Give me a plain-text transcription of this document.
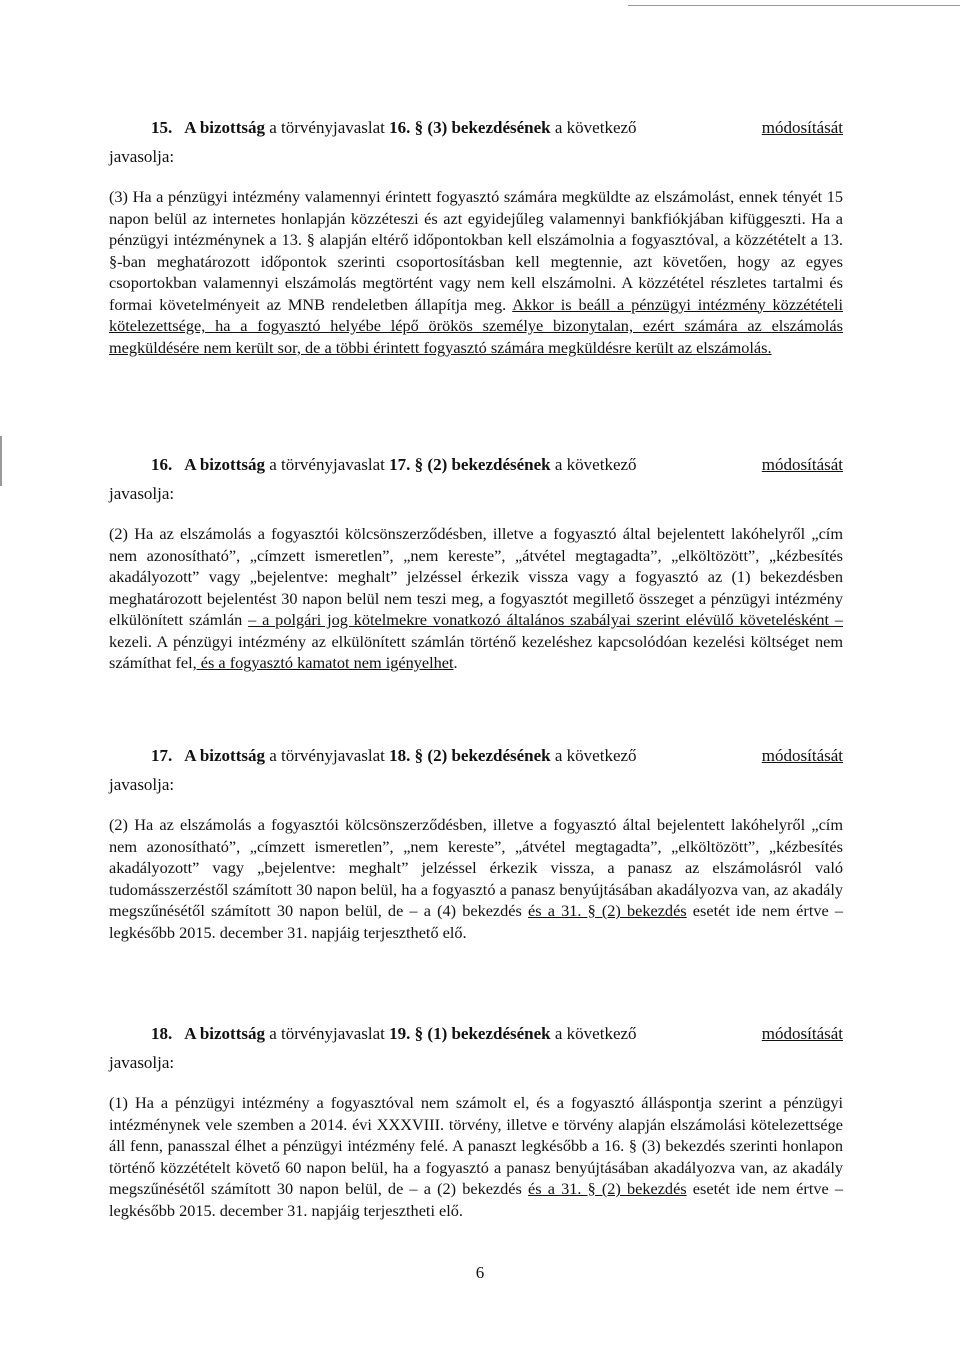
15. A bizottság a törvényjavaslat 16. § (3) bekezdésének a következő	módosítását
javasolja:

(3) Ha a pénzügyi intézmény valamennyi érintett fogyasztó számára megküldte az elszámolást, ennek tényét 15 napon belül az internetes honlapján közzéteszi és azt egyidejűleg valamennyi bankfiókjában kifüggeszti. Ha a pénzügyi intézménynek a 13. § alapján eltérő időpontokban kell elszámolnia a fogyasztóval, a közzétételt a 13. §-ban meghatározott időpontok szerinti csoportosításban kell megtennie, azt követően, hogy az egyes csoportokban valamennyi elszámolás megtörtént vagy nem kell elszámolni. A közzététel részletes tartalmi és formai követelményeit az MNB rendeletben állapítja meg. Akkor is beáll a pénzügyi intézmény közzétételi kötelezettsége, ha a fogyasztó helyébe lépő örökös személye bizonytalan, ezért számára az elszámolás megküldésére nem került sor, de a többi érintett fogyasztó számára megküldésre került az elszámolás.

16. A bizottság a törvényjavaslat 17. § (2) bekezdésének a következő	módosítását
javasolja:

(2) Ha az elszámolás a fogyasztói kölcsönszerződésben, illetve a fogyasztó által bejelentett lakóhelyről „cím nem azonosítható”, „címzett ismeretlen”, „nem kereste”, „átvétel megtagadta”, „elköltözött”, „kézbesítés akadályozott” vagy „bejelentve: meghalt” jelzéssel érkezik vissza vagy a fogyasztó az (1) bekezdésben meghatározott bejelentést 30 napon belül nem teszi meg, a fogyasztót megillető összeget a pénzügyi intézmény elkülönített számlán – a polgári jog kötelmekre vonatkozó általános szabályai szerint elévülő követelésként – kezeli. A pénzügyi intézmény az elkülönített számlán történő kezeléshez kapcsolódóan kezelési költséget nem számíthat fel, és a fogyasztó kamatot nem igényelhet.

17. A bizottság a törvényjavaslat 18. § (2) bekezdésének a következő	módosítását
javasolja:

(2) Ha az elszámolás a fogyasztói kölcsönszerződésben, illetve a fogyasztó által bejelentett lakóhelyről „cím nem azonosítható”, „címzett ismeretlen”, „nem kereste”, „átvétel megtagadta”, „elköltözött”, „kézbesítés akadályozott” vagy „bejelentve: meghalt” jelzéssel érkezik vissza, a panasz az elszámolásról való tudomásszerzéstől számított 30 napon belül, ha a fogyasztó a panasz benyújtásában akadályozva van, az akadály megszűnésétől számított 30 napon belül, de – a (4) bekezdés és a 31. § (2) bekezdés esetét ide nem értve – legkésőbb 2015. december 31. napjáig terjeszthető elő.

18. A bizottság a törvényjavaslat 19. § (1) bekezdésének a következő	módosítását
javasolja:

(1) Ha a pénzügyi intézmény a fogyasztóval nem számolt el, és a fogyasztó álláspontja szerint a pénzügyi intézménynek vele szemben a 2014. évi XXXVIII. törvény, illetve e törvény alapján elszámolási kötelezettsége áll fenn, panasszal élhet a pénzügyi intézmény felé. A panaszt legkésőbb a 16. § (3) bekezdés szerinti honlapon történő közzétételt követő 60 napon belül, ha a fogyasztó a panasz benyújtásában akadályozva van, az akadály megszűnésétől számított 30 napon belül, de – a (2) bekezdés és a 31. § (2) bekezdés esetét ide nem értve – legkésőbb 2015. december 31. napjáig terjesztheti elő.

6
